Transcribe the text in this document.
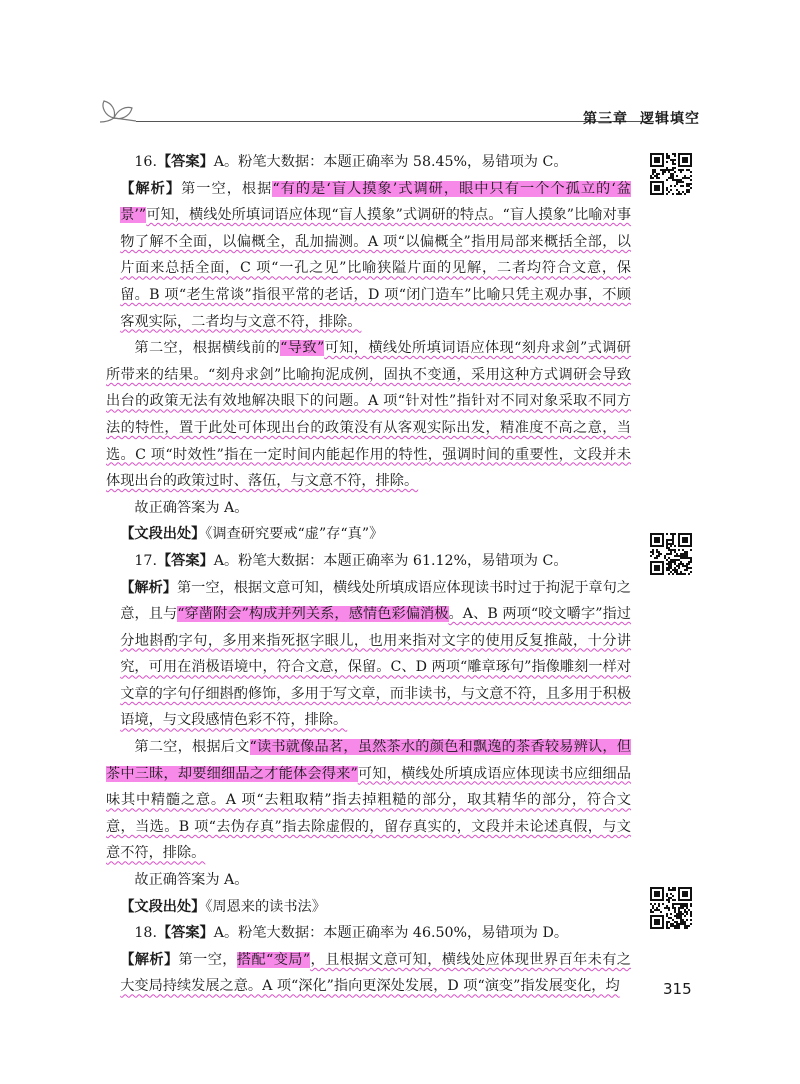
第三章 逻辑填空

16.【答案】A。粉笔大数据：本题正确率为 58.45%，易错项为 C。

【解析】第一空，根据“有的是‘盲人摸象’式调研，眼中只有一个个孤立的‘盆景’”可知，横线处所填词语应体现“盲人摸象”式调研的特点。“盲人摸象”比喻对事物了解不全面，以偏概全，乱加揣测。A 项“以偏概全”指用局部来概括全部，以片面来总括全面，C 项“一孔之见”比喻狭隘片面的见解，二者均符合文意，保留。B 项“老生常谈”指很平常的老话，D 项“闭门造车”比喻只凭主观办事，不顾客观实际，二者均与文意不符，排除。

第二空，根据横线前的“导致”可知，横线处所填词语应体现“刻舟求剑”式调研所带来的结果。“刻舟求剑”比喻拘泥成例，固执不变通，采用这种方式调研会导致出台的政策无法有效地解决眼下的问题。A 项“针对性”指针对不同对象采取不同方法的特性，置于此处可体现出台的政策没有从客观实际出发，精准度不高之意，当选。C 项“时效性”指在一定时间内能起作用的特性，强调时间的重要性，文段并未体现出台的政策过时、落伍，与文意不符，排除。

故正确答案为 A。

【文段出处】《调查研究要戒“虚”存“真”》

17.【答案】A。粉笔大数据：本题正确率为 61.12%，易错项为 C。

【解析】第一空，根据文意可知，横线处所填成语应体现读书时过于拘泥于章句之意，且与“穿凿附会”构成并列关系，感情色彩偏消极。A、B 两项“咬文嚼字”指过分地斟酌字句，多用来指死抠字眼儿，也用来指对文字的使用反复推敲，十分讲究，可用在消极语境中，符合文意，保留。C、D 两项“雕章琢句”指像雕刻一样对文章的字句仔细斟酌修饰，多用于写文章，而非读书，与文意不符，且多用于积极语境，与文段感情色彩不符，排除。

第二空，根据后文“读书就像品茗，虽然茶水的颜色和飘逸的茶香较易辨认，但茶中三昧，却要细细品之才能体会得来”可知，横线处所填成语应体现读书应细细品味其中精髓之意。A 项“去粗取精”指去掉粗糙的部分，取其精华的部分，符合文意，当选。B 项“去伪存真”指去除虚假的，留存真实的，文段并未论述真假，与文意不符，排除。

故正确答案为 A。

【文段出处】《周恩来的读书法》

18.【答案】A。粉笔大数据：本题正确率为 46.50%，易错项为 D。

【解析】第一空，搭配“变局”，且根据文意可知，横线处应体现世界百年未有之大变局持续发展之意。A 项“深化”指向更深处发展，D 项“演变”指发展变化，均	315
